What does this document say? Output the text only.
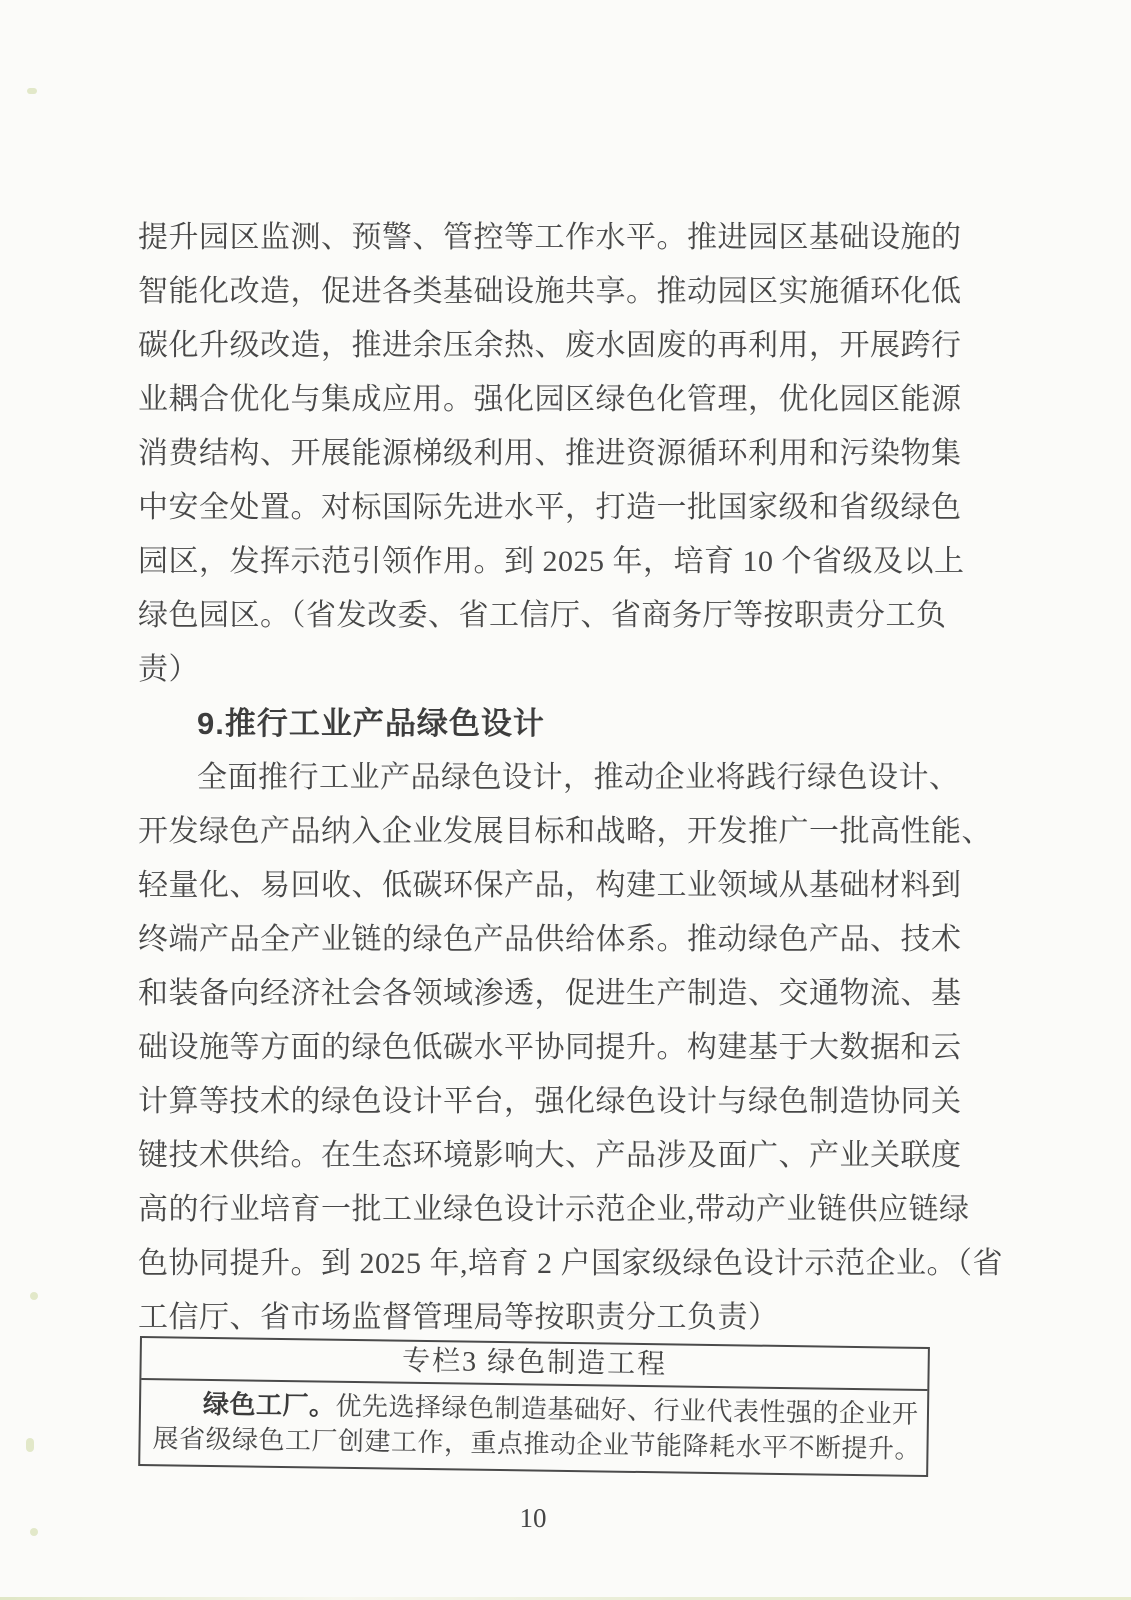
提升园区监测、预警、管控等工作水平。推进园区基础设施的
智能化改造，促进各类基础设施共享。推动园区实施循环化低
碳化升级改造，推进余压余热、废水固废的再利用，开展跨行
业耦合优化与集成应用。强化园区绿色化管理，优化园区能源
消费结构、开展能源梯级利用、推进资源循环利用和污染物集
中安全处置。对标国际先进水平，打造一批国家级和省级绿色
园区，发挥示范引领作用。到 2025 年，培育 10 个省级及以上
绿色园区。（省发改委、省工信厅、省商务厅等按职责分工负
责）
9.推行工业产品绿色设计
全面推行工业产品绿色设计，推动企业将践行绿色设计、
开发绿色产品纳入企业发展目标和战略，开发推广一批高性能、
轻量化、易回收、低碳环保产品，构建工业领域从基础材料到
终端产品全产业链的绿色产品供给体系。推动绿色产品、技术
和装备向经济社会各领域渗透，促进生产制造、交通物流、基
础设施等方面的绿色低碳水平协同提升。构建基于大数据和云
计算等技术的绿色设计平台，强化绿色设计与绿色制造协同关
键技术供给。在生态环境影响大、产品涉及面广、产业关联度
高的行业培育一批工业绿色设计示范企业,带动产业链供应链绿
色协同提升。到 2025 年,培育 2 户国家级绿色设计示范企业。（省
工信厅、省市场监督管理局等按职责分工负责）
专栏3 绿色制造工程
绿色工厂。优先选择绿色制造基础好、行业代表性强的企业开
展省级绿色工厂创建工作，重点推动企业节能降耗水平不断提升。
10
